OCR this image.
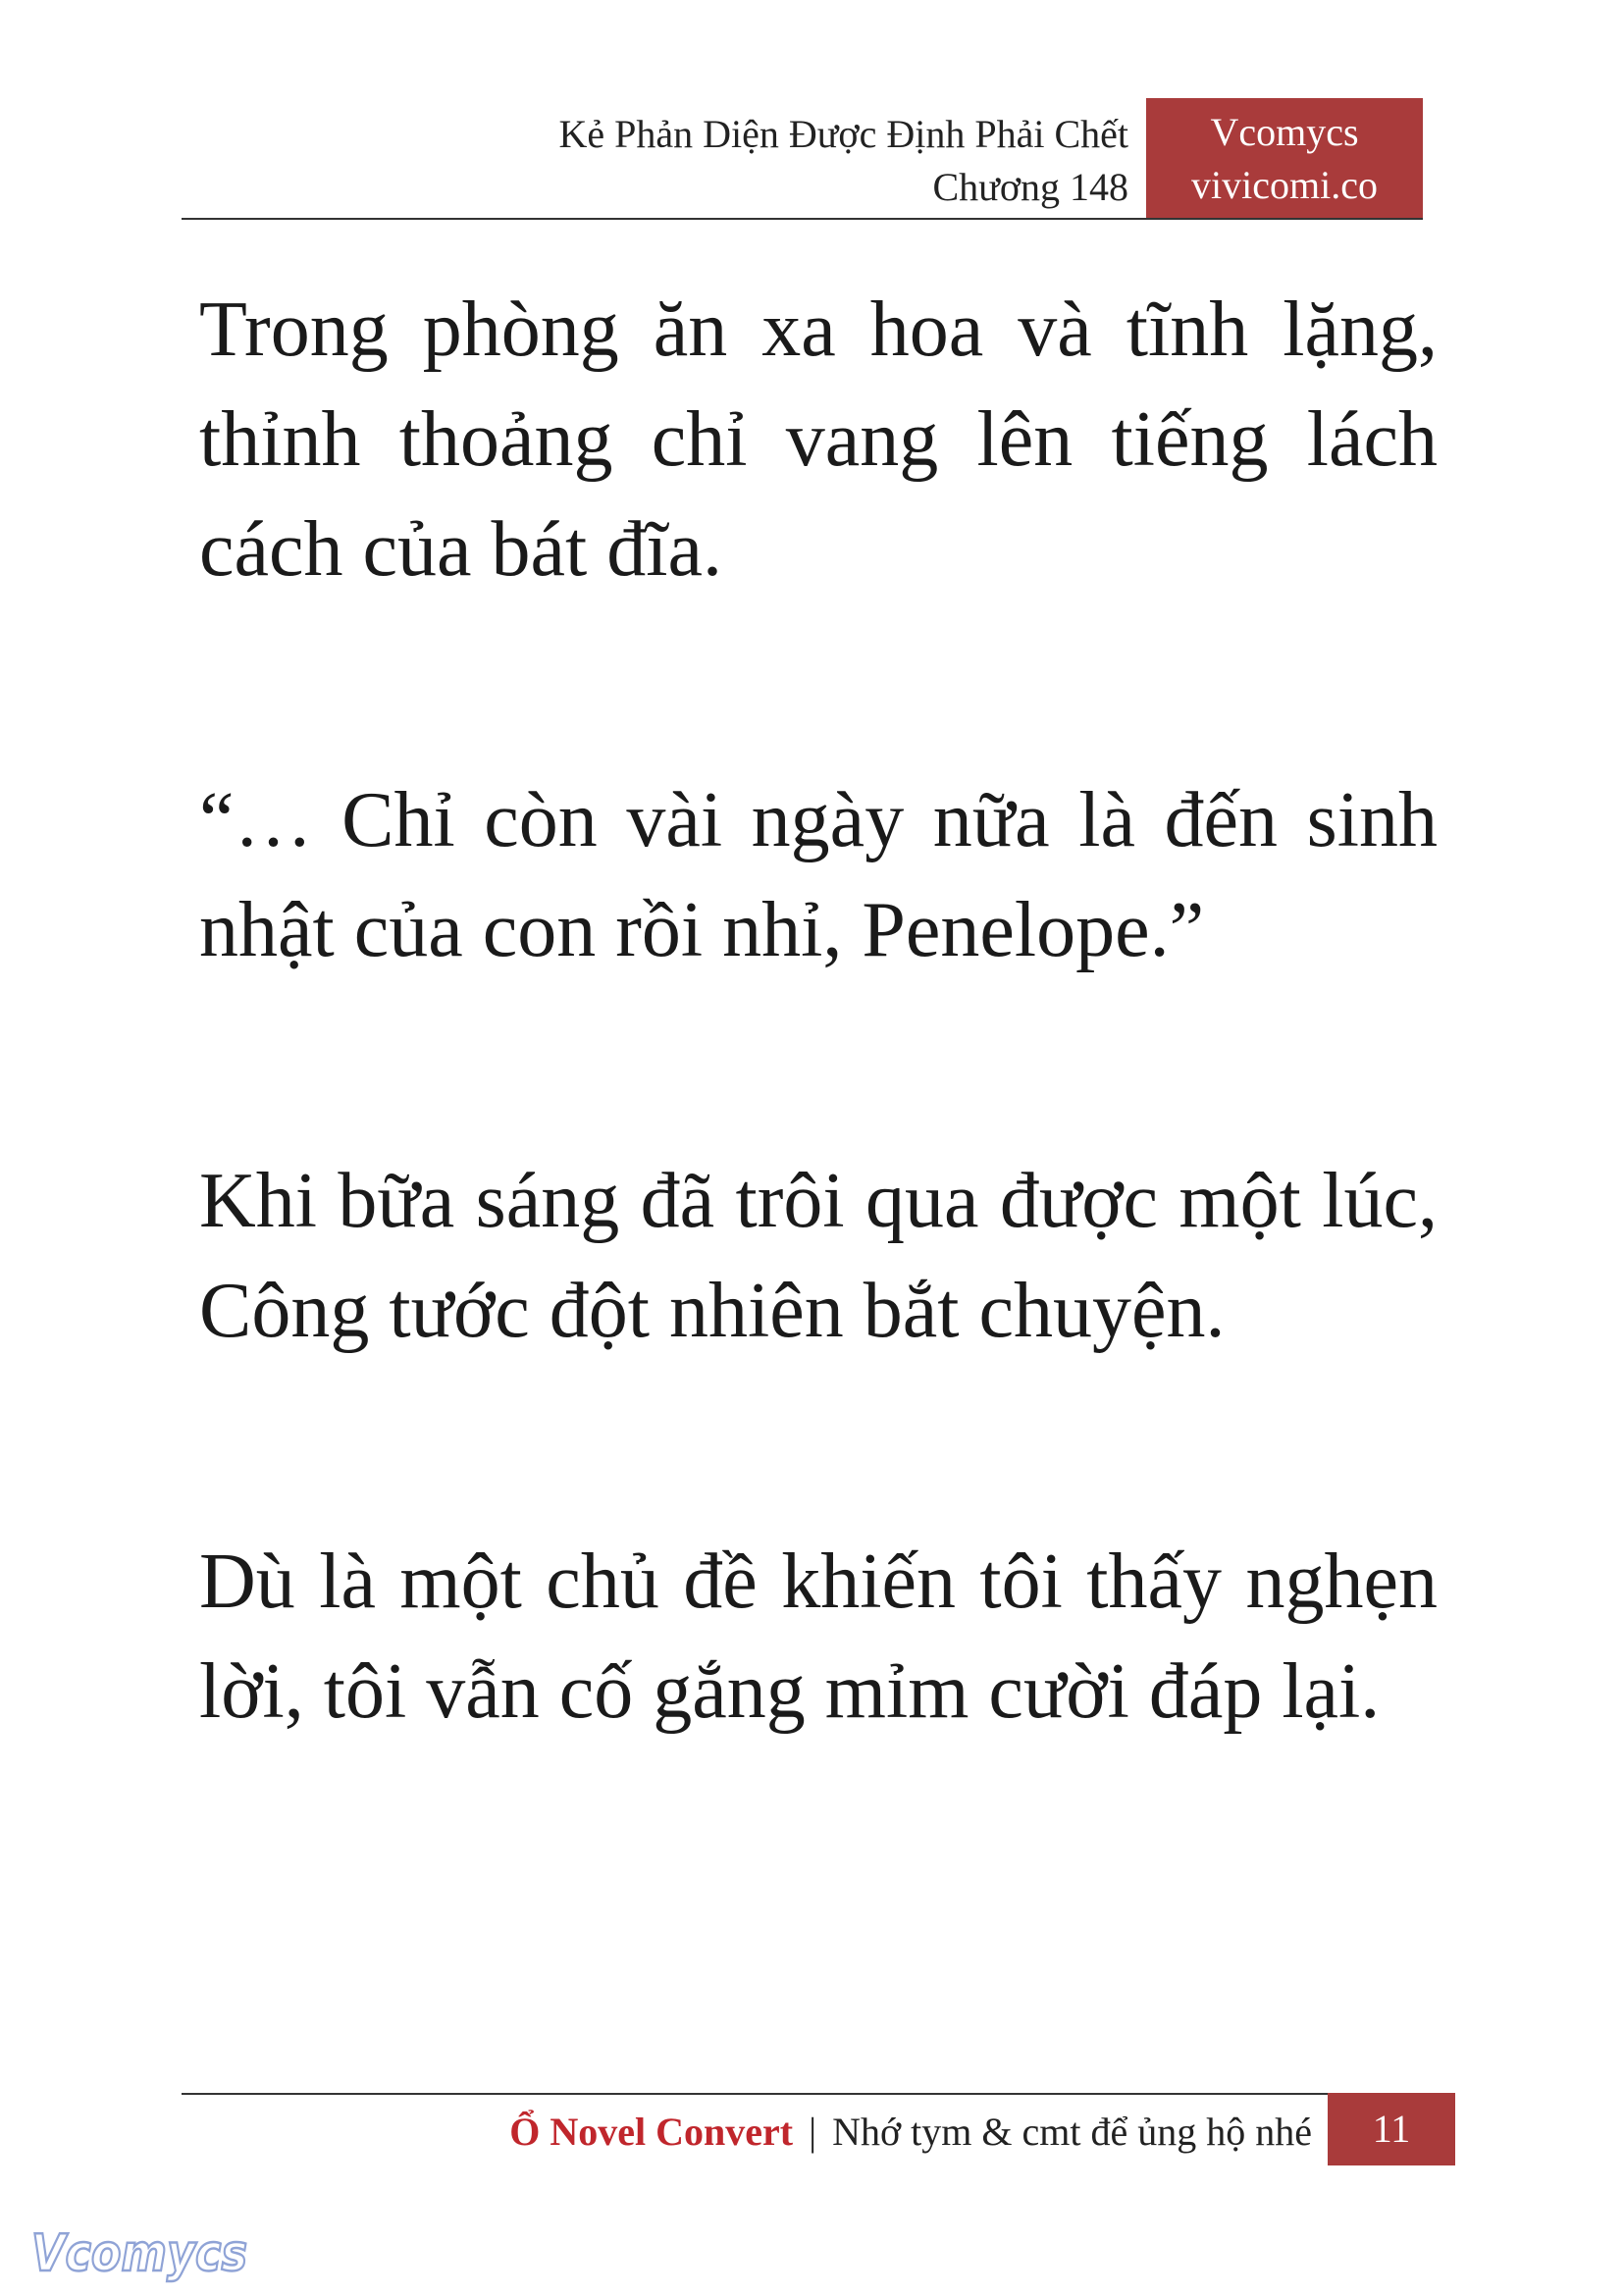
Kẻ Phản Diện Được Định Phải Chết
Chương 148
Vcomycs
vivicomi.co

Trong phòng ăn xa hoa và tĩnh lặng, thỉnh thoảng chỉ vang lên tiếng lách cách của bát đĩa.

“… Chỉ còn vài ngày nữa là đến sinh nhật của con rồi nhỉ, Penelope.”

Khi bữa sáng đã trôi qua được một lúc, Công tước đột nhiên bắt chuyện.

Dù là một chủ đề khiến tôi thấy nghẹn lời, tôi vẫn cố gắng mỉm cười đáp lại.

Ổ Novel Convert | Nhớ tym & cmt để ủng hộ nhé	11
Vcomycs
